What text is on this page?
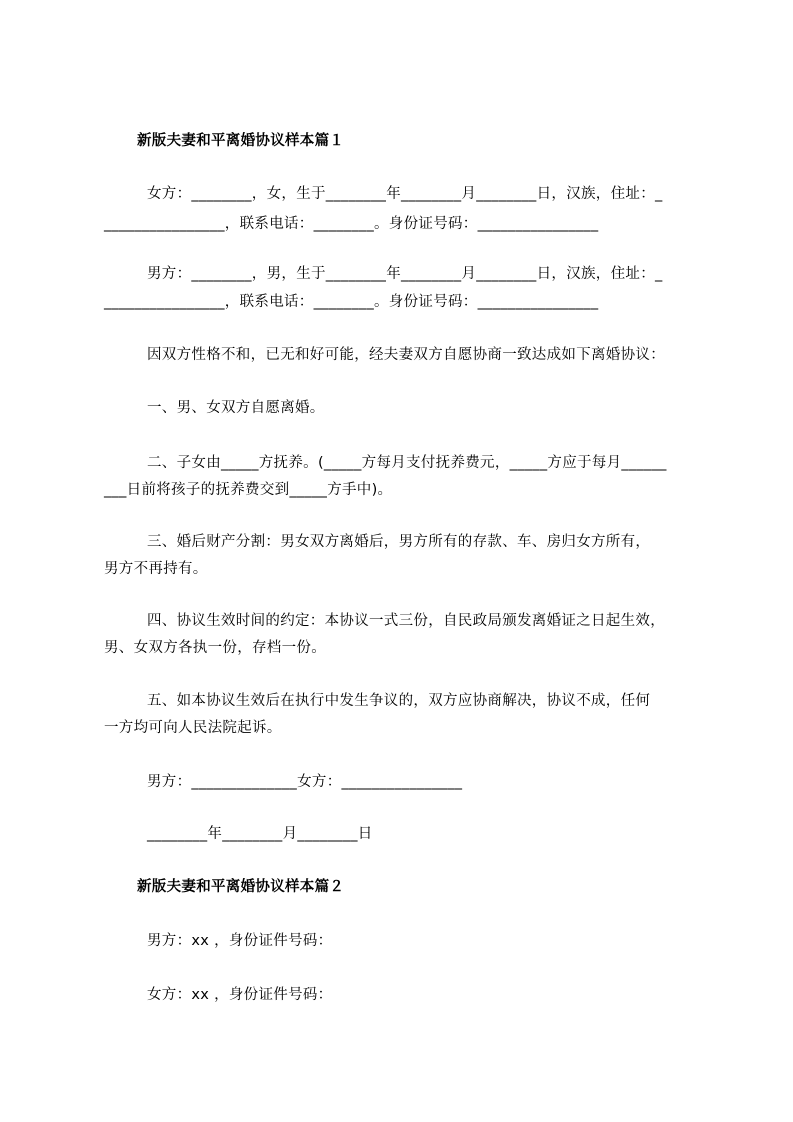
新版夫妻和平离婚协议样本篇１
女方：________，女，生于________年________月________日，汉族，住址：_
________________，联系电话：________。身份证号码：________________
男方：________，男，生于________年________月________日，汉族，住址：_
________________，联系电话：________。身份证号码：________________
因双方性格不和，已无和好可能，经夫妻双方自愿协商一致达成如下离婚协议：
一、男、女双方自愿离婚。
二、子女由_____方抚养。(_____方每月支付抚养费元，_____方应于每月______
___日前将孩子的抚养费交到_____方手中)。
三、婚后财产分割：男女双方离婚后，男方所有的存款、车、房归女方所有，
男方不再持有。
四、协议生效时间的约定：本协议一式三份，自民政局颁发离婚证之日起生效，
男、女双方各执一份，存档一份。
五、如本协议生效后在执行中发生争议的，双方应协商解决，协议不成，任何
一方均可向人民法院起诉。
男方：______________女方：________________
________年________月________日
新版夫妻和平离婚协议样本篇２
男方：xx ，身份证件号码：
女方：xx ，身份证件号码：
